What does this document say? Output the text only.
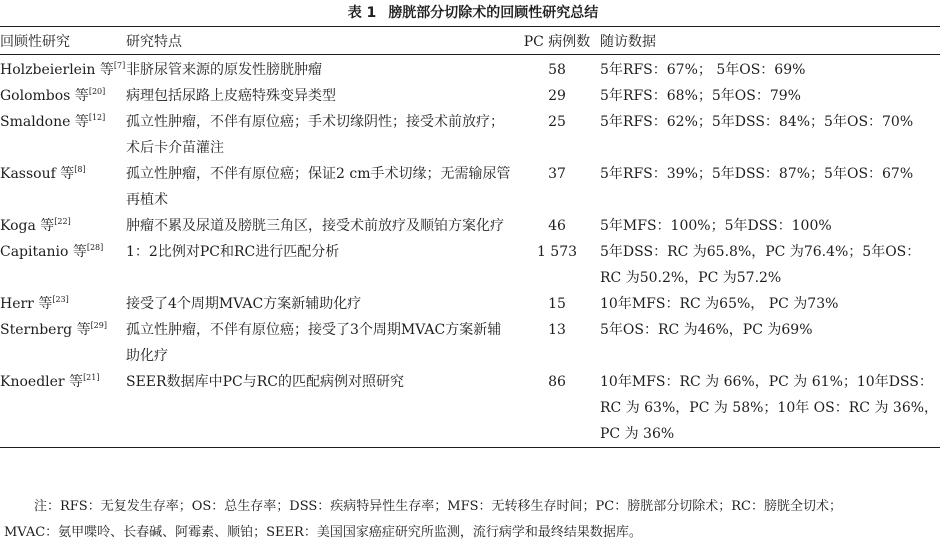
表 1 膀胱部分切除术的回顾性研究总结
回顾性研究	研究特点	PC 病例数	随访数据
Holzbeierlein 等[7]	非脐尿管来源的原发性膀胱肿瘤	58	5年RFS：67%； 5年OS：69%
Golombos 等[20]	病理包括尿路上皮癌特殊变异类型	29	5年RFS：68%；5年OS：79%
Smaldone 等[12]	孤立性肿瘤，不伴有原位癌；手术切缘阴性；接受术前放疗；术后卡介苗灌注	25	5年RFS：62%；5年DSS：84%；5年OS：70%
Kassouf 等[8]	孤立性肿瘤，不伴有原位癌；保证2 cm手术切缘；无需输尿管再植术	37	5年RFS：39%；5年DSS：87%；5年OS：67%
Koga 等[22]	肿瘤不累及尿道及膀胱三角区，接受术前放疗及顺铂方案化疗	46	5年MFS：100%；5年DSS：100%
Capitanio 等[28]	1：2比例对PC和RC进行匹配分析	1 573	5年DSS：RC 为65.8%，PC 为76.4%；5年OS：RC 为50.2%，PC 为57.2%
Herr 等[23]	接受了4个周期MVAC方案新辅助化疗	15	10年MFS：RC 为65%， PC 为73%
Sternberg 等[29]	孤立性肿瘤，不伴有原位癌；接受了3个周期MVAC方案新辅助化疗	13	5年OS：RC 为46%，PC 为69%
Knoedler 等[21]	SEER数据库中PC与RC的匹配病例对照研究	86	10年MFS：RC 为 66%，PC 为 61%；10年DSS：RC 为 63%，PC 为 58%；10年 OS：RC 为 36%，PC 为 36%

注：RFS：无复发生存率；OS：总生存率；DSS：疾病特异性生存率；MFS：无转移生存时间；PC：膀胱部分切除术；RC：膀胱全切术；

MVAC：氨甲喋呤、长春碱、阿霉素、顺铂；SEER：美国国家癌症研究所监测，流行病学和最终结果数据库。
